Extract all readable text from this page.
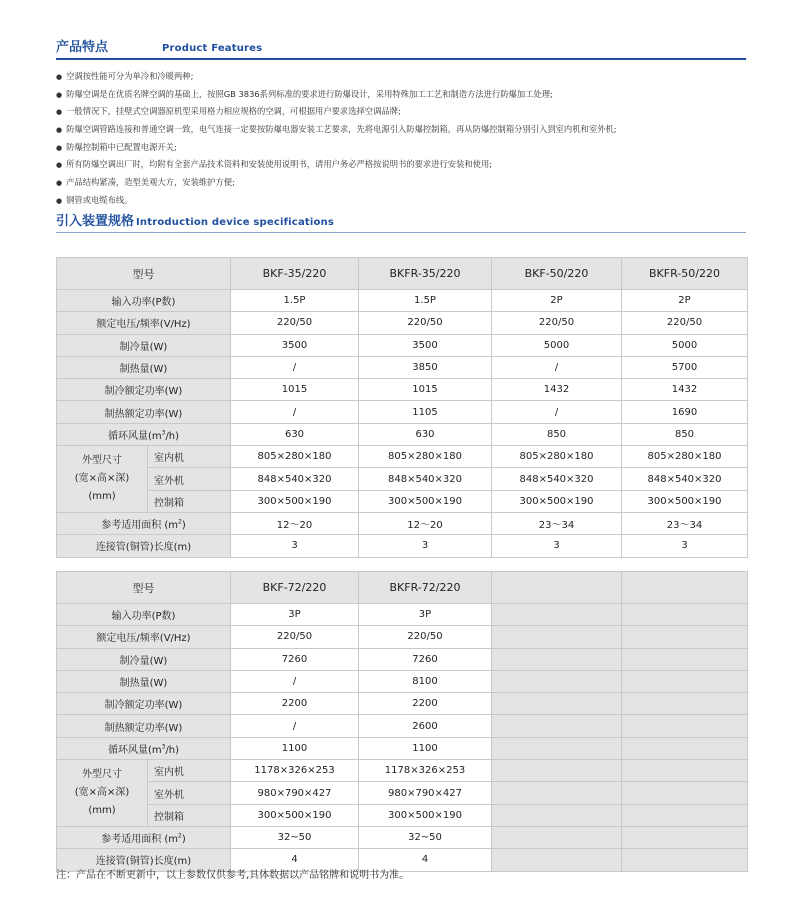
产品特点	Product Features
● 空调按性能可分为单冷和冷暖两种;
● 防爆空调是在优质名牌空调的基础上，按照GB 3836系列标准的要求进行防爆设计，采用特殊加工工艺和制造方法进行防爆加工处理;
● 一般情况下，挂壁式空调器原机型采用格力相应规格的空调，可根据用户要求选择空调品牌;
● 防爆空调管路连接和普通空调一致，电气连接一定要按防爆电器安装工艺要求，先将电源引入防爆控制箱，再从防爆控制箱分别引入到室内机和室外机;
● 防爆控制箱中已配置电源开关;
● 所有防爆空调出厂时，均附有全套产品技术资料和安装使用说明书，请用户务必严格按说明书的要求进行安装和使用;
● 产品结构紧凑，造型美观大方，安装维护方便;
● 钢管或电缆布线。
引入装置规格 Introduction device specifications
型号		BKF-35/220	BKFR-35/220	BKF-50/220	BKFR-50/220
输入功率(P数)		1.5P	1.5P	2P	2P
额定电压/频率(V/Hz)		220/50	220/50	220/50	220/50
制冷量(W)		3500	3500	5000	5000
制热量(W)		/	3850	/	5700
制冷额定功率(W)		1015	1015	1432	1432
制热额定功率(W)		/	1105	/	1690
循环风量$(m^3/h)$		630	630	850	850

外型尺寸
(宽×高×深)
(mm)	室内机	805×280×180	805×280×180	805×280×180	805×280×180
	室外机	848×540×320	848×540×320	848×540×320	848×540×320
	控制箱	300×500×190	300×500×190	300×500×190	300×500×190
参考适用面积 $(m^2)$		12～20	12～20	23～34	23～34
连接管(铜管)长度(m)		3	3	3	3
型号		BKF-72/220	BKFR-72/220		
输入功率(P数)		3P	3P		
额定电压/频率(V/Hz)		220/50	220/50		
制冷量(W)		7260	7260		
制热量(W)		/	8100		
制冷额定功率(W)		2200	2200		
制热额定功率(W)		/	2600		
循环风量$(m^3/h)$		1100	1100		

外型尺寸
(宽×高×深)
(mm)	室内机	1178×326×253	1178×326×253		
	室外机	980×790×427	980×790×427		
	控制箱	300×500×190	300×500×190		
参考适用面积 $(m^2)$		32~50	32~50		
连接管(铜管)长度(m)		4	4		
注：产品在不断更新中，以上参数仅供参考,具体数据以产品铭牌和说明书为准。
